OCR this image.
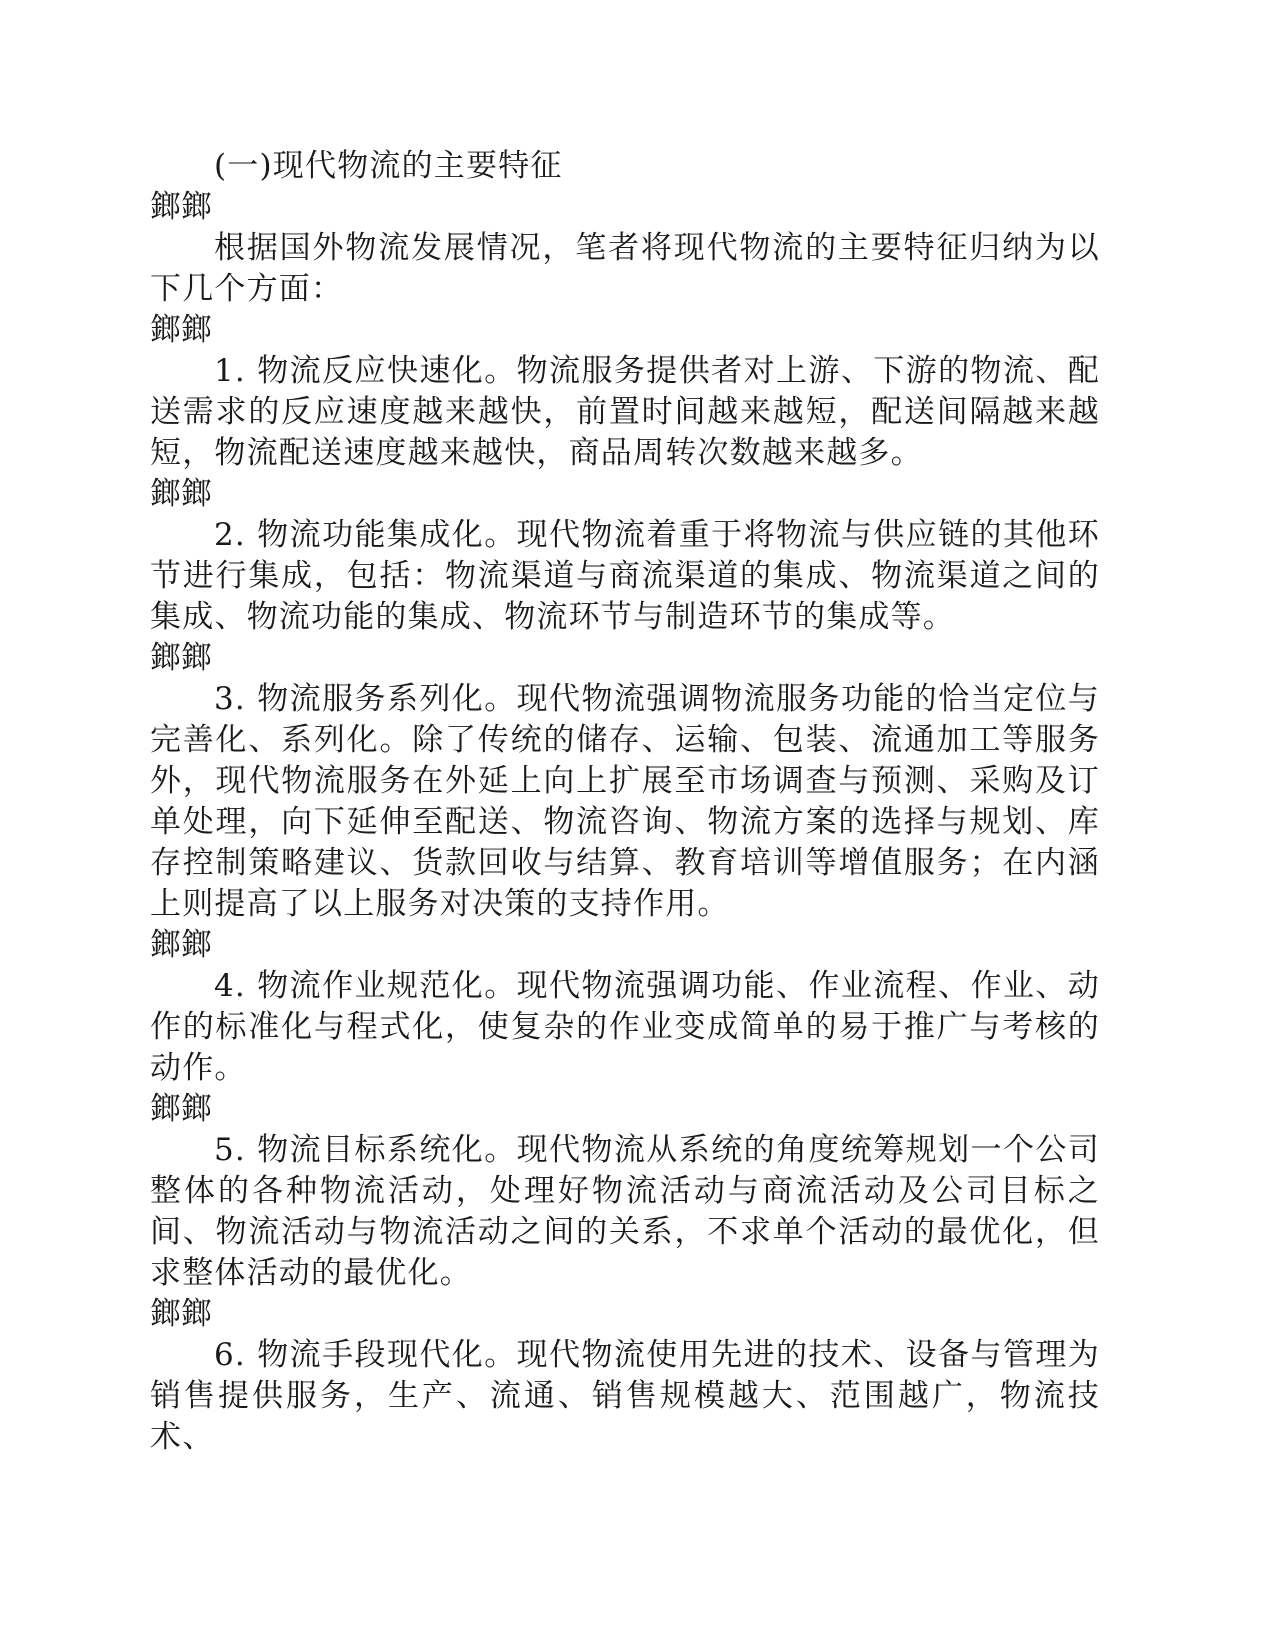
(一)现代物流的主要特征

鎯鎯

根据国外物流发展情况，笔者将现代物流的主要特征归纳为以下几个方面：

鎯鎯

1. 物流反应快速化。物流服务提供者对上游、下游的物流、配送需求的反应速度越来越快，前置时间越来越短，配送间隔越来越短，物流配送速度越来越快，商品周转次数越来越多。

鎯鎯

2. 物流功能集成化。现代物流着重于将物流与供应链的其他环节进行集成，包括：物流渠道与商流渠道的集成、物流渠道之间的集成、物流功能的集成、物流环节与制造环节的集成等。

鎯鎯

3. 物流服务系列化。现代物流强调物流服务功能的恰当定位与完善化、系列化。除了传统的储存、运输、包装、流通加工等服务外，现代物流服务在外延上向上扩展至市场调查与预测、采购及订单处理，向下延伸至配送、物流咨询、物流方案的选择与规划、库存控制策略建议、货款回收与结算、教育培训等增值服务；在内涵上则提高了以上服务对决策的支持作用。

鎯鎯

4. 物流作业规范化。现代物流强调功能、作业流程、作业、动作的标准化与程式化，使复杂的作业变成简单的易于推广与考核的动作。

鎯鎯

5. 物流目标系统化。现代物流从系统的角度统筹规划一个公司整体的各种物流活动，处理好物流活动与商流活动及公司目标之间、物流活动与物流活动之间的关系，不求单个活动的最优化，但求整体活动的最优化。

鎯鎯

6. 物流手段现代化。现代物流使用先进的技术、设备与管理为销售提供服务，生产、流通、销售规模越大、范围越广，物流技术、
